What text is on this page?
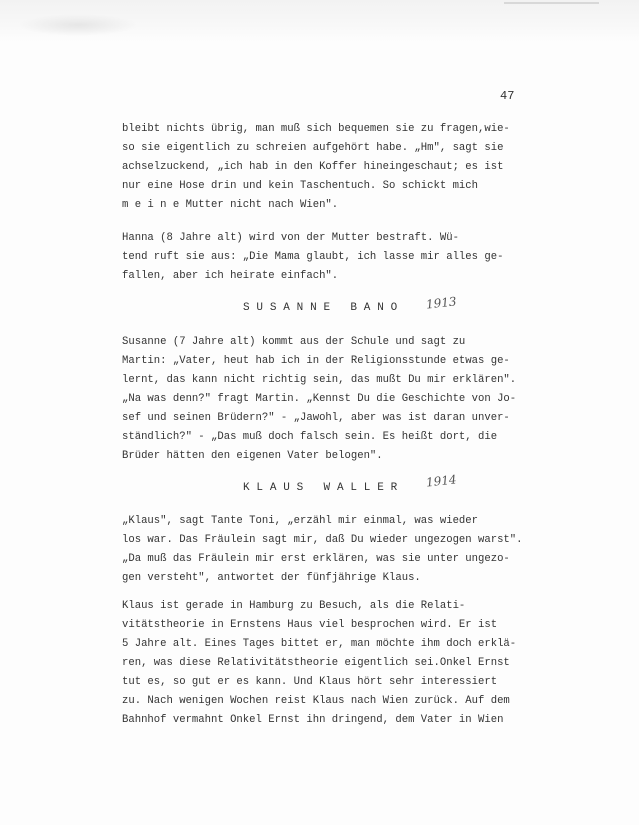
47
bleibt nichts übrig, man muß sich bequemen sie zu fragen,wie-
so sie eigentlich zu schreien aufgehört habe. „Hm", sagt sie
achselzuckend, „ich hab in den Koffer hineingeschaut; es ist
nur eine Hose drin und kein Taschentuch. So schickt mich
m e i n e Mutter nicht nach Wien".
Hanna (8 Jahre alt) wird von der Mutter bestraft. Wü-
tend ruft sie aus: „Die Mama glaubt, ich lasse mir alles ge-
fallen, aber ich heirate einfach".
SUSANNE BANO 1913
Susanne (7 Jahre alt) kommt aus der Schule und sagt zu
Martin: „Vater, heut hab ich in der Religionsstunde etwas ge-
lernt, das kann nicht richtig sein, das mußt Du mir erklären".
„Na was denn?" fragt Martin. „Kennst Du die Geschichte von Jo-
sef und seinen Brüdern?" - „Jawohl, aber was ist daran unver-
ständlich?" - „Das muß doch falsch sein. Es heißt dort, die
Brüder hätten den eigenen Vater belogen".
KLAUS WALLER 1914
„Klaus", sagt Tante Toni, „erzähl mir einmal, was wieder
los war. Das Fräulein sagt mir, daß Du wieder ungezogen warst".
„Da muß das Fräulein mir erst erklären, was sie unter ungezo-
gen versteht", antwortet der fünfjährige Klaus.
Klaus ist gerade in Hamburg zu Besuch, als die Relati-
vitätstheorie in Ernstens Haus viel besprochen wird. Er ist
5 Jahre alt. Eines Tages bittet er, man möchte ihm doch erklä-
ren, was diese Relativitätstheorie eigentlich sei.Onkel Ernst
tut es, so gut er es kann. Und Klaus hört sehr interessiert
zu. Nach wenigen Wochen reist Klaus nach Wien zurück. Auf dem
Bahnhof vermahnt Onkel Ernst ihn dringend, dem Vater in Wien
